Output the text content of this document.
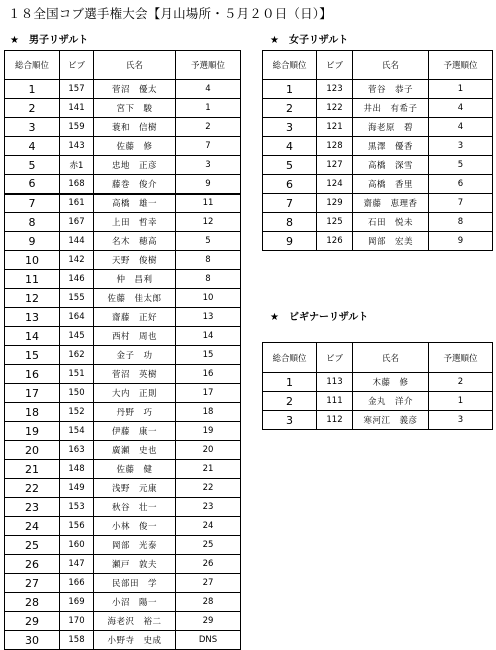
１８全国コブ選手権大会【月山場所・５月２０日（日）】
★　男子リザルト
総合順位	ビブ	氏名	予選順位
1	157	菅沼　優太	4
2	141	宮下　駿	1
3	159	蓑和　信樹	2
4	143	佐藤　修	7
5	赤1	忠地　正彦	3
6	168	藤巻　俊介	9
7	161	高橋　雄一	11
8	167	上田　哲幸	12
9	144	名木　穂高	5
10	142	天野　俊樹	8
11	146	仲　昌利	8
12	155	佐藤　佳太郎	10
13	164	齋藤　正好	13
14	145	西村　周也	14
15	162	金子　功	15
16	151	菅沼　英樹	16
17	150	大内　正則	17
18	152	丹野　巧	18
19	154	伊藤　康一	19
20	163	廣瀬　史也	20
21	148	佐藤　健	21
22	149	浅野　元康	22
23	153	秋谷　壮一	23
24	156	小林　俊一	24
25	160	岡部　光泰	25
26	147	瀬戸　敦夫	26
27	166	民部田　学	27
28	169	小沼　陽一	28
29	170	海老沢　裕二	29
30	158	小野寺　史成	DNS
★　女子リザルト
総合順位	ビブ	氏名	予選順位
1	123	菅谷　恭子	1
2	122	井出　有希子	4
3	121	海老原　碧	4
4	128	黒澤　優香	3
5	127	高橋　深雪	5
6	124	高橋　香里	6
7	129	齋藤　恵理香	7
8	125	石田　悦未	8
9	126	岡部　宏美	9
★　ビギナーリザルト
総合順位	ビブ	氏名	予選順位
1	113	木藤　修	2
2	111	金丸　洋介	1
3	112	寒河江　義彦	3
